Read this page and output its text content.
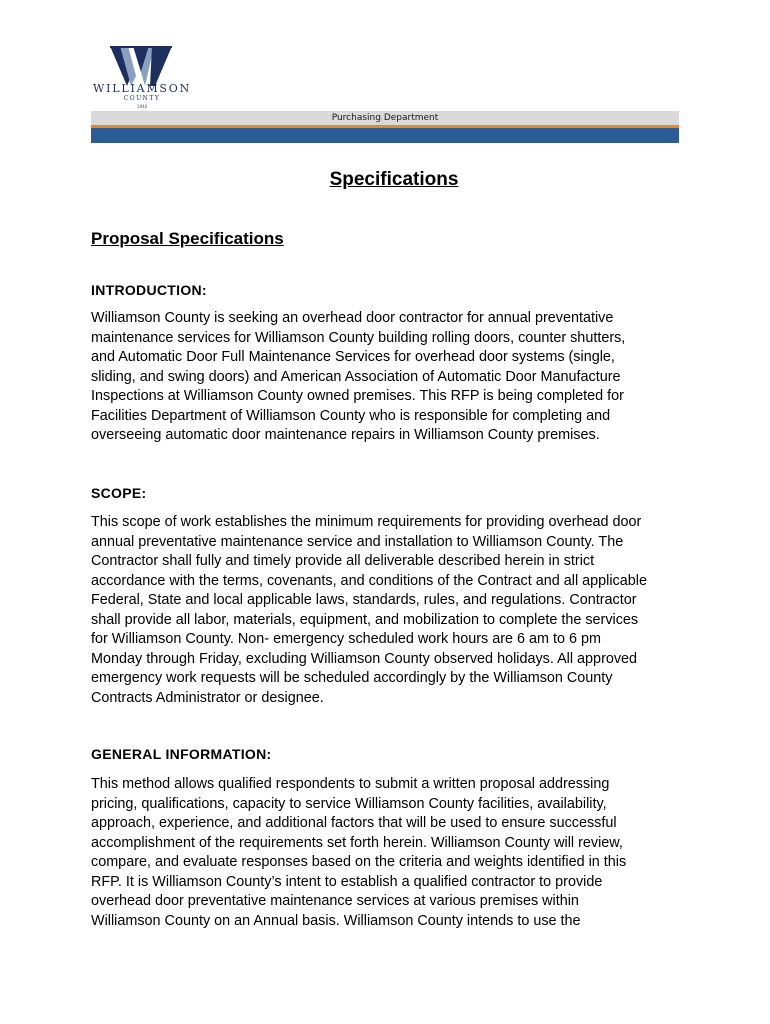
WILLIAMSON
COUNTY
1848
Purchasing Department
Specifications
Proposal Specifications
INTRODUCTION:
Williamson County is seeking an overhead door contractor for annual preventative
maintenance services for Williamson County building rolling doors, counter shutters,
and Automatic Door Full Maintenance Services for overhead door systems (single,
sliding, and swing doors) and American Association of Automatic Door Manufacture
Inspections at Williamson County owned premises. This RFP is being completed for
Facilities Department of Williamson County who is responsible for completing and
overseeing automatic door maintenance repairs in Williamson County premises.
SCOPE:
This scope of work establishes the minimum requirements for providing overhead door
annual preventative maintenance service and installation to Williamson County. The
Contractor shall fully and timely provide all deliverable described herein in strict
accordance with the terms, covenants, and conditions of the Contract and all applicable
Federal, State and local applicable laws, standards, rules, and regulations. Contractor
shall provide all labor, materials, equipment, and mobilization to complete the services
for Williamson County. Non- emergency scheduled work hours are 6 am to 6 pm
Monday through Friday, excluding Williamson County observed holidays. All approved
emergency work requests will be scheduled accordingly by the Williamson County
Contracts Administrator or designee.
GENERAL INFORMATION:
This method allows qualified respondents to submit a written proposal addressing
pricing, qualifications, capacity to service Williamson County facilities, availability,
approach, experience, and additional factors that will be used to ensure successful
accomplishment of the requirements set forth herein. Williamson County will review,
compare, and evaluate responses based on the criteria and weights identified in this
RFP. It is Williamson County’s intent to establish a qualified contractor to provide
overhead door preventative maintenance services at various premises within
Williamson County on an Annual basis. Williamson County intends to use the
